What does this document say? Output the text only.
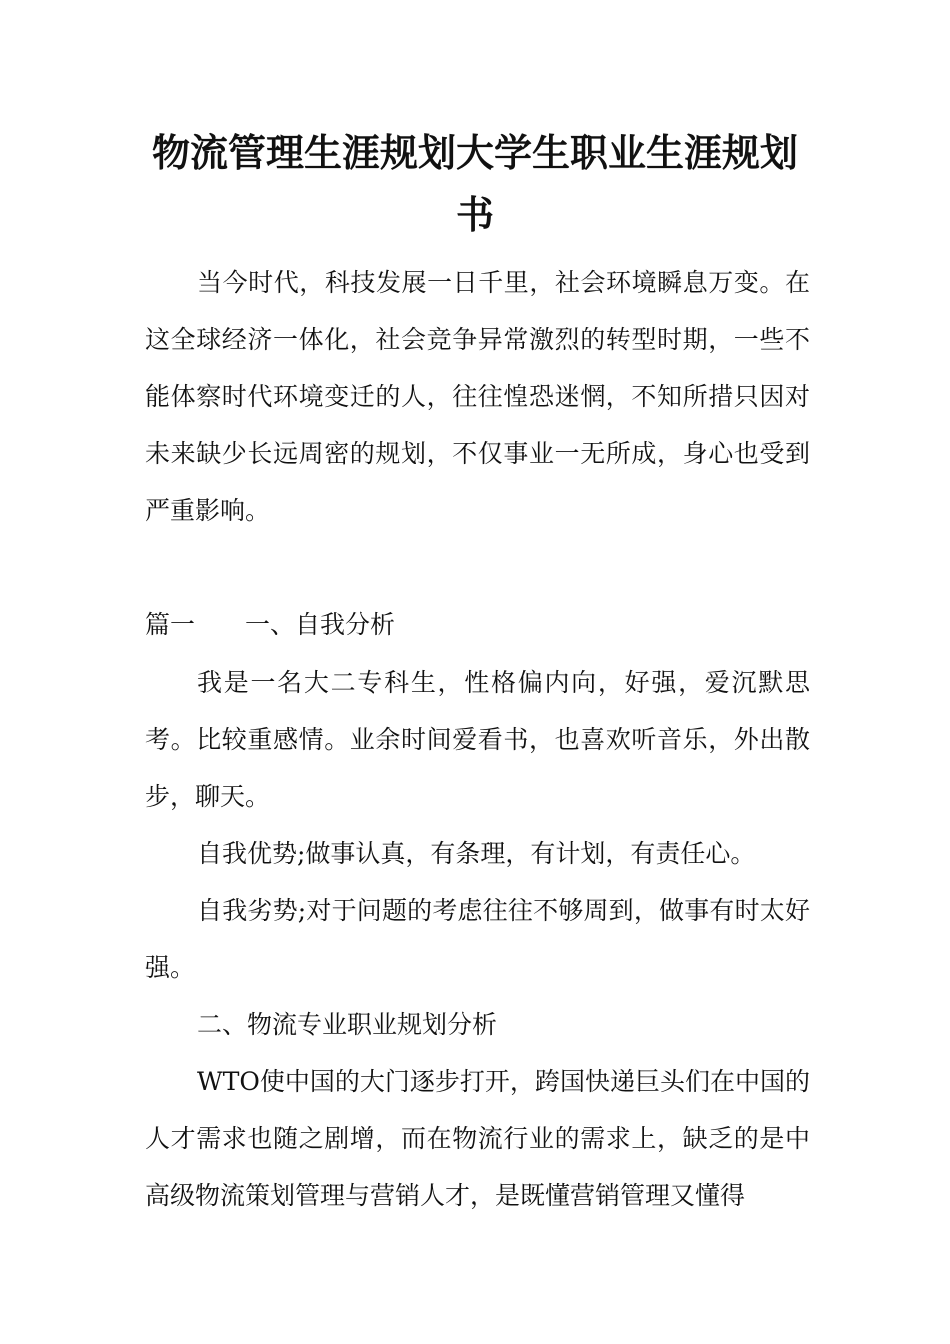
物流管理生涯规划大学生职业生涯规划书

当今时代，科技发展一日千里，社会环境瞬息万变。在这全球经济一体化，社会竞争异常激烈的转型时期，一些不能体察时代环境变迁的人，往往惶恐迷惘，不知所措只因对未来缺少长远周密的规划，不仅事业一无所成，身心也受到严重影响。

篇一 一、自我分析

我是一名大二专科生，性格偏内向，好强，爱沉默思考。比较重感情。业余时间爱看书，也喜欢听音乐，外出散步，聊天。

自我优势;做事认真，有条理，有计划，有责任心。

自我劣势;对于问题的考虑往往不够周到，做事有时太好强。

二、物流专业职业规划分析

WTO使中国的大门逐步打开，跨国快递巨头们在中国的人才需求也随之剧增，而在物流行业的需求上，缺乏的是中高级物流策划管理与营销人才，是既懂营销管理又懂得
